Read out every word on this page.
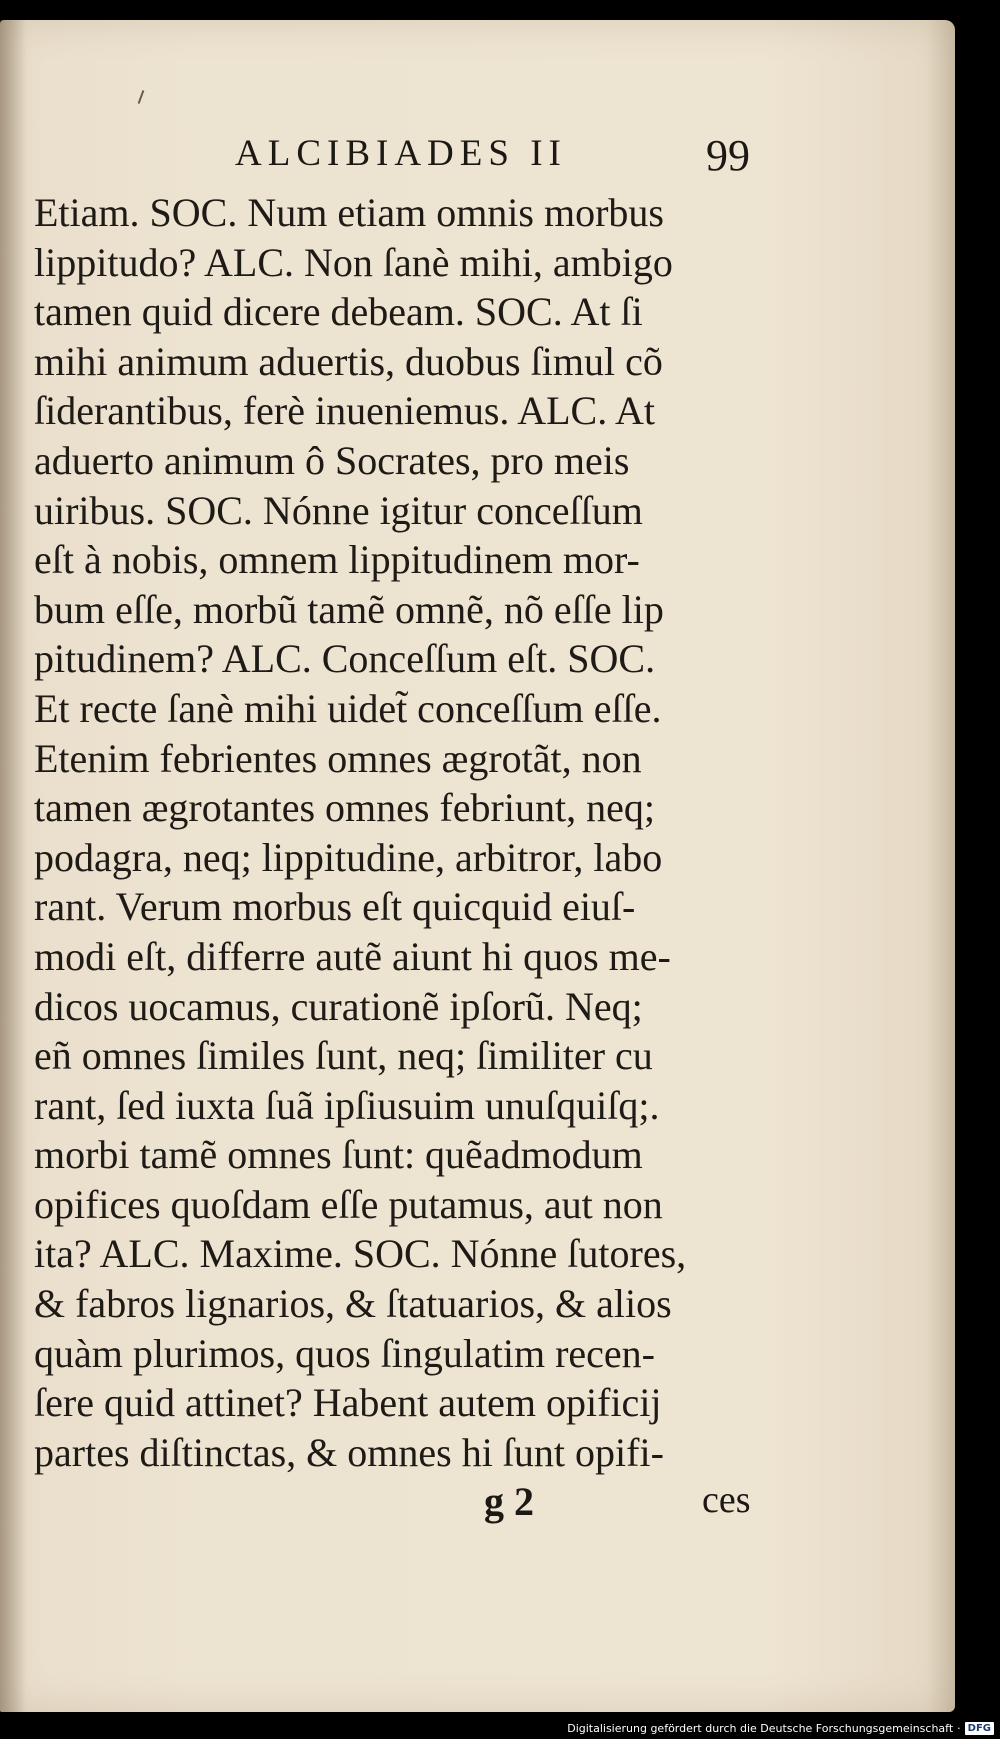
ALCIBIADES II	99
Etiam. SOC. Num etiam omnis morbus
lippitudo? ALC. Non ſanè mihi, ambigo
tamen quid dicere debeam. SOC. At ſi
mihi animum aduertis, duobus ſimul cõ
ſiderantibus, ferè inueniemus. ALC. At
aduerto animum ô Socrates, pro meis
uiribus. SOC. Nónne igitur conceſſum
eſt à nobis, omnem lippitudinem mor-
bum eſſe, morbũ tamẽ omnẽ, nõ eſſe lip
pitudinem? ALC. Conceſſum eſt. SOC.
Et recte ſanè mihi uidet̃ conceſſum eſſe.
Etenim febrientes omnes ægrotãt, non
tamen ægrotantes omnes febriunt, neq;
podagra, neq; lippitudine, arbitror, labo
rant. Verum morbus eſt quicquid eiuſ-
modi eſt, differre autẽ aiunt hi quos me-
dicos uocamus, curationẽ ipſorũ. Neq;
eñ omnes ſimiles ſunt, neq; ſimiliter cu
rant, ſed iuxta ſuã ipſiusuim unuſquiſq;.
morbi tamẽ omnes ſunt: quẽadmodum
opifices quoſdam eſſe putamus, aut non
ita? ALC. Maxime. SOC. Nónne ſutores,
& fabros lignarios, & ſtatuarios, & alios
quàm plurimos, quos ſingulatim recen-
ſere quid attinet? Habent autem opificij
partes diſtinctas, & omnes hi ſunt opifi-
g 2	ces
Digitalisierung gefördert durch die Deutsche Forschungsgemeinschaft · DFG
